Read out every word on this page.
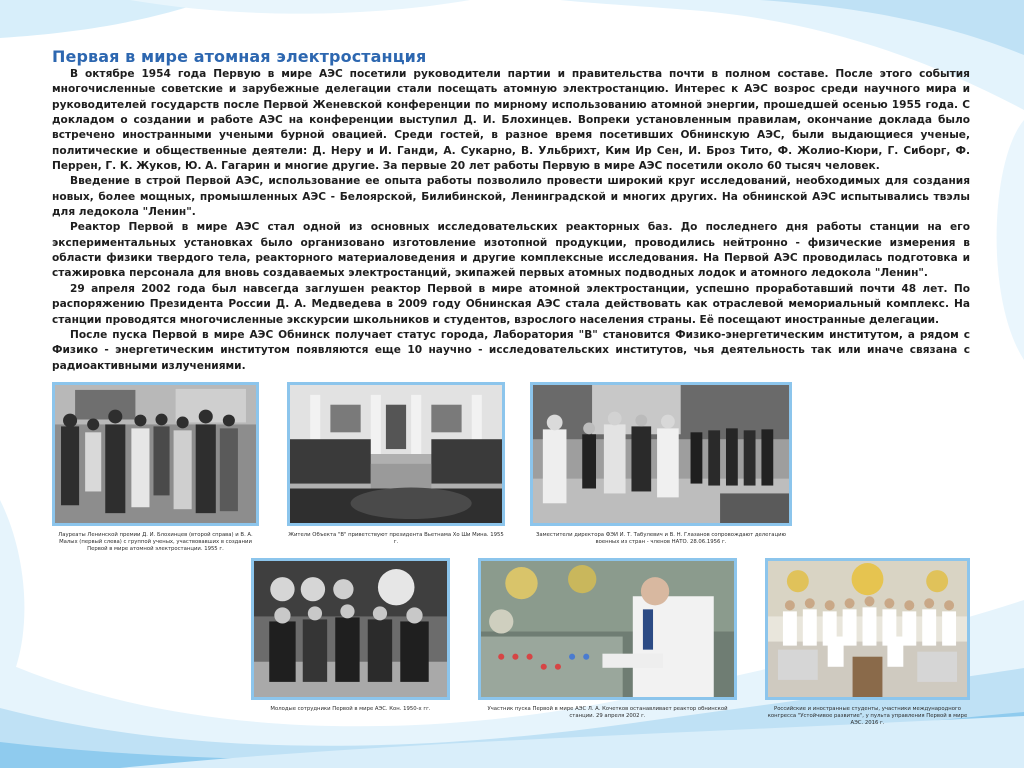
Первая в мире атомная электростанция

В октябре 1954 года Первую в мире АЭС посетили руководители партии и правительства почти в полном составе. После этого события многочисленные советские и зарубежные делегации стали посещать атомную электростанцию. Интерес к АЭС возрос среди научного мира и руководителей государств после Первой Женевской конференции по мирному использованию атомной энергии, прошедшей осенью 1955 года. С докладом о создании и работе АЭС на конференции выступил Д. И. Блохинцев. Вопреки установленным правилам, окончание доклада было встречено иностранными учеными бурной овацией. Среди гостей, в разное время посетивших Обнинскую АЭС, были выдающиеся ученые, политические и общественные деятели: Д. Неру и И. Ганди, А. Сукарно, В. Ульбрихт, Ким Ир Сен, И. Броз Тито, Ф. Жолио-Кюри, Г. Сиборг, Ф. Перрен, Г. К. Жуков, Ю. А. Гагарин и многие другие. За первые 20 лет работы Первую в мире АЭС посетили около 60 тысяч человек.

Введение в строй Первой АЭС, использование ее опыта работы позволило провести широкий круг исследований, необходимых для создания новых, более мощных, промышленных АЭС - Белоярской, Билибинской, Ленинградской и многих других. На обнинской АЭС испытывались твэлы для ледокола "Ленин".

Реактор Первой в мире АЭС стал одной из основных исследовательских реакторных баз. До последнего дня работы станции на его экспериментальных установках было организовано изготовление изотопной продукции, проводились нейтронно - физические измерения в области физики твердого тела, реакторного материаловедения и другие комплексные исследования. На Первой АЭС проводилась подготовка и стажировка персонала для вновь создаваемых электростанций, экипажей первых атомных подводных лодок и атомного ледокола "Ленин".

29 апреля 2002 года был навсегда заглушен реактор Первой в мире атомной электростанции, успешно проработавший почти 48 лет. По распоряжению Президента России Д. А. Медведева в 2009 году Обнинская АЭС стала действовать как отраслевой мемориальный комплекс. На станции проводятся многочисленные экскурсии школьников и студентов, взрослого населения страны. Её посещают иностранные делегации.

После пуска Первой в мире АЭС Обнинск получает статус города, Лаборатория "В" становится Физико-энергетическим институтом, а рядом с Физико - энергетическим институтом появляются еще 10 научно - исследовательских институтов, чья деятельность так или иначе связана с радиоактивными излучениями.

Лауреаты Ленинской премии Д. И. Блохинцев (второй справа) и В. А. Малых (первый слева) с группой ученых, участвовавших в создании Первой в мире атомной электростанции. 1955 г.
Жители Объекта "В" приветствуют президента Вьетнама Хо Ши Мина. 1955 г.
Заместители директора ФЭИ И. Т. Табулевич и В. Н. Глазанов сопровождают делегацию военных из стран - членов НАТО. 28.06.1956 г.
Молодые сотрудники Первой в мире АЭС. Кон. 1950-х гг.	Участник пуска Первой в мире АЭС Л. А. Кочетков останавливает реактор обнинской станции. 29 апреля 2002 г.
Российские и иностранные студенты, участники международного конгресса "Устойчивое развитие", у пульта управления Первой в мире АЭС. 2016 г.
